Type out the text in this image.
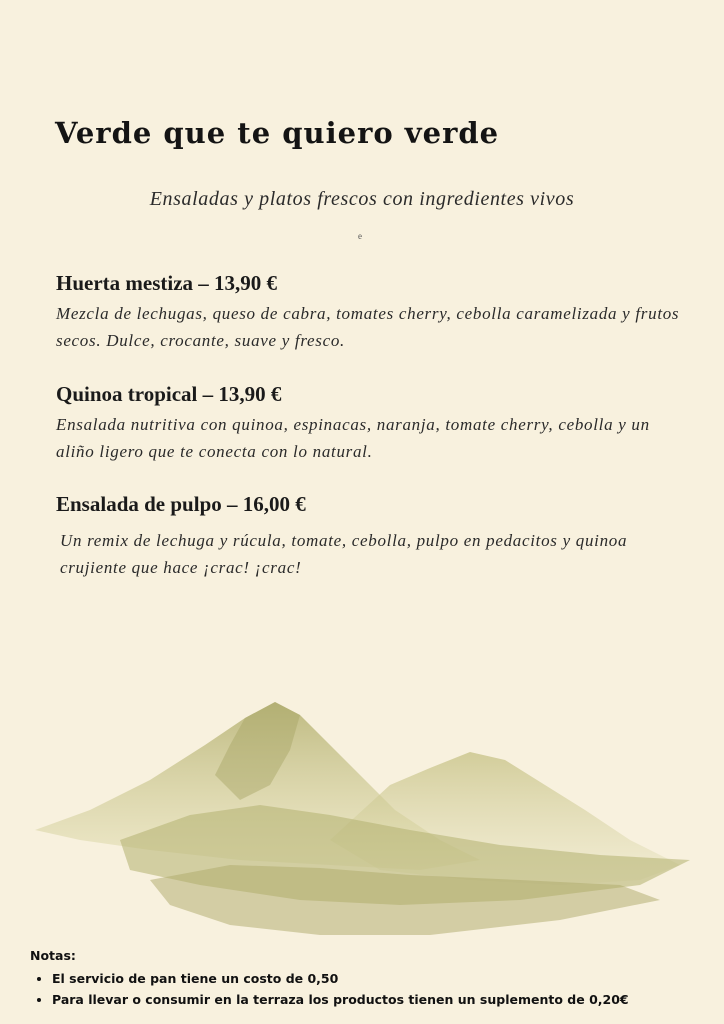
Verde que te quiero verde
Ensaladas y platos frescos con ingredientes vivos
e
Huerta mestiza – 13,90 €

Mezcla de lechugas, queso de cabra, tomates cherry, cebolla caramelizada y frutos secos. Dulce, crocante, suave y fresco.

Quinoa tropical – 13,90 €

Ensalada nutritiva con quinoa, espinacas, naranja, tomate cherry, cebolla y un aliño ligero que te conecta con lo natural.

Ensalada de pulpo – 16,00 €

Un remix de lechuga y rúcula, tomate, cebolla, pulpo en pedacitos y quinoa crujiente que hace ¡crac! ¡crac!

Notas:
• El servicio de pan tiene un costo de 0,50
• Para llevar o consumir en la terraza los productos tienen un suplemento de 0,20€
